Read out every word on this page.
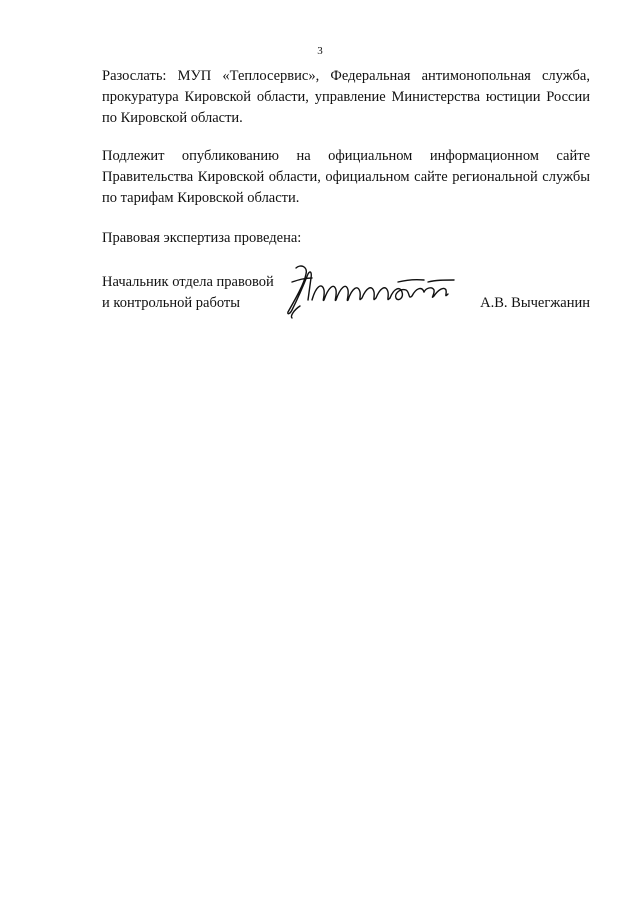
3

Разослать: МУП «Теплосервис», Федеральная антимонопольная служба, прокуратура Кировской области, управление Министерства юстиции России по Кировской области.

Подлежит опубликованию на официальном информационном сайте Правительства Кировской области, официальном сайте региональной службы по тарифам Кировской области.

Правовая экспертиза проведена:

Начальник отдела правовой
и контрольной работы	А.В. Вычегжанин
